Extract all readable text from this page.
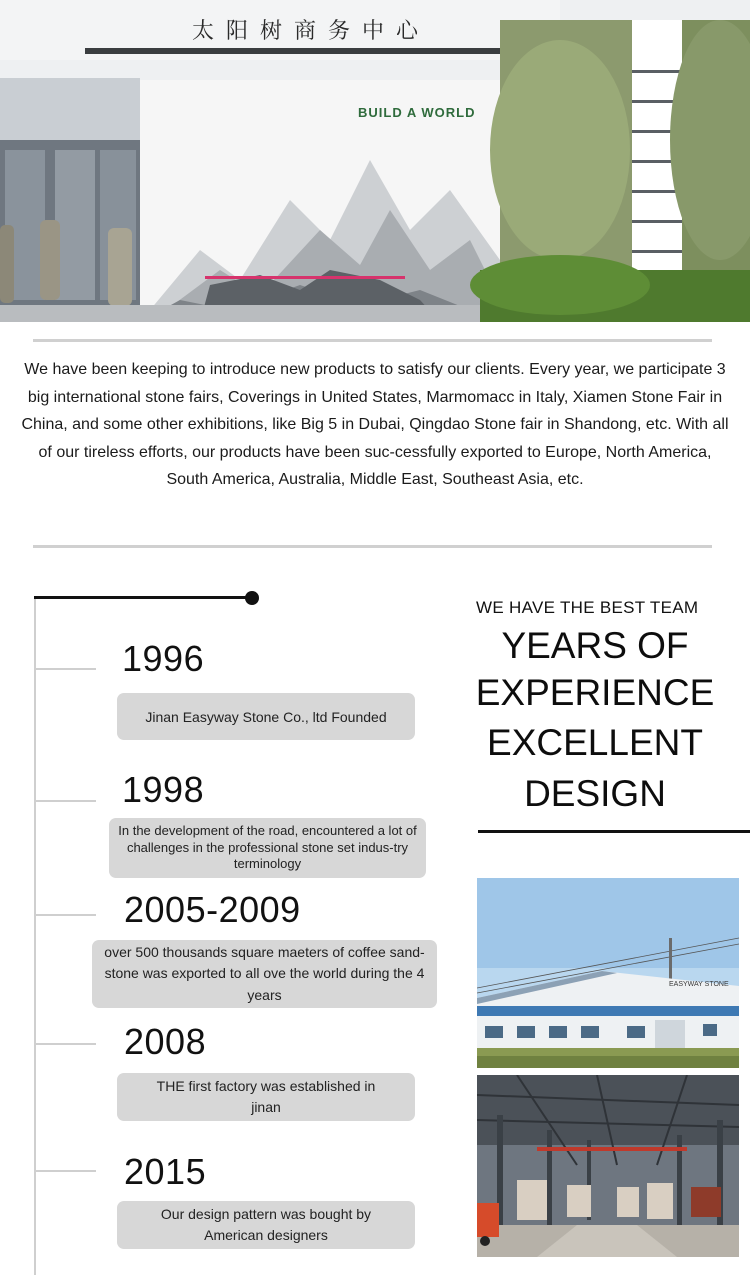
太阳树商务中心
BUILD A WORLD

We have been keeping to introduce new products to satisfy our clients. Every year, we participate 3 big international stone fairs, Coverings in United States, Marmomacc in Italy, Xiamen Stone Fair in China, and some other exhibitions, like Big 5 in Dubai, Qingdao Stone fair in Shandong, etc. With all of our tireless efforts, our products have been suc-cessfully exported to Europe, North America, South America, Australia, Middle East, Southeast Asia, etc.

1996
Jinan Easyway Stone Co., ltd Founded
1998
In the development of the road, encountered a lot of challenges in the professional stone set indus-try terminology
2005-2009
over 500 thousands square maeters of coffee sand-stone was exported to all ove the world during the 4 years
2008
THE first factory was established in jinan
2015
Our design pattern was bought by American designers
WE HAVE THE BEST TEAM
YEARS OF
EXPERIENCE
EXCELLENT
DESIGN
EASYWAY STONE
